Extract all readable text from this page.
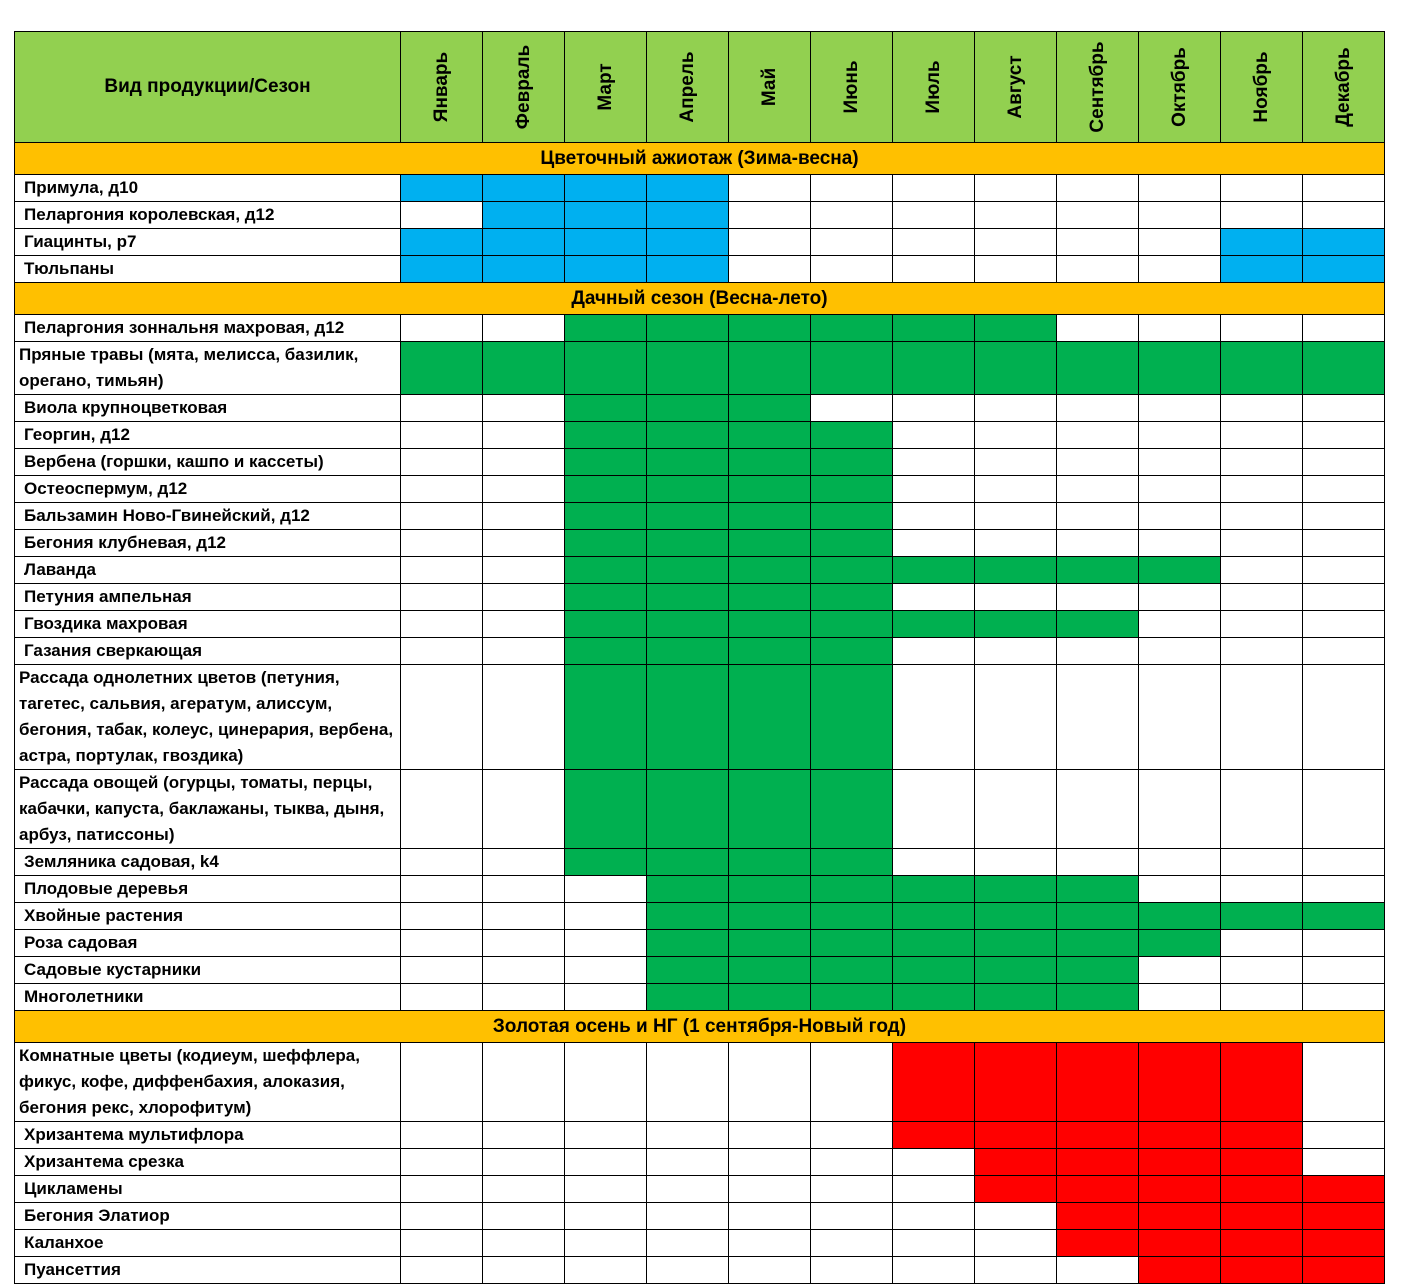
Вид продукции/Сезон	Январь	Февраль	Март	Апрель	Май	Июнь	Июль	Август	Сентябрь	Октябрь	Ноябрь	Декабрь

Цветочный ажиотаж (Зима-весна)												
Примула, д10												
Пеларгония королевская, д12												
Гиацинты, р7												
Тюльпаны												
Дачный сезон (Весна-лето)												
Пеларгония зоннальня махровая, д12												
Пряные травы (мята, мелисса, базилик, орегано, тимьян)												
Виола крупноцветковая												
Георгин, д12												
Вербена (горшки, кашпо и кассеты)												
Остеоспермум, д12												
Бальзамин Ново-Гвинейский, д12												
Бегония клубневая, д12												
Лаванда												
Петуния ампельная												
Гвоздика махровая												
Газания сверкающая												
Рассада однолетних цветов (петуния, тагетес, сальвия, агератум, алиссум, бегония, табак, колеус, цинерария, вербена, астра, портулак, гвоздика)												
Рассада овощей (огурцы, томаты, перцы, кабачки, капуста, баклажаны, тыква, дыня, арбуз, патиссоны)												
Земляника садовая, k4												
Плодовые деревья												
Хвойные растения												
Роза садовая												
Садовые кустарники												
Многолетники												
Золотая осень и НГ (1 сентября-Новый год)												
Комнатные цветы (кодиеум, шеффлера, фикус, кофе, диффенбахия, алоказия, бегония рекс, хлорофитум)												
Хризантема мультифлора												
Хризантема срезка												
Цикламены												
Бегония Элатиор												
Каланхое												
Пуансеттия												
